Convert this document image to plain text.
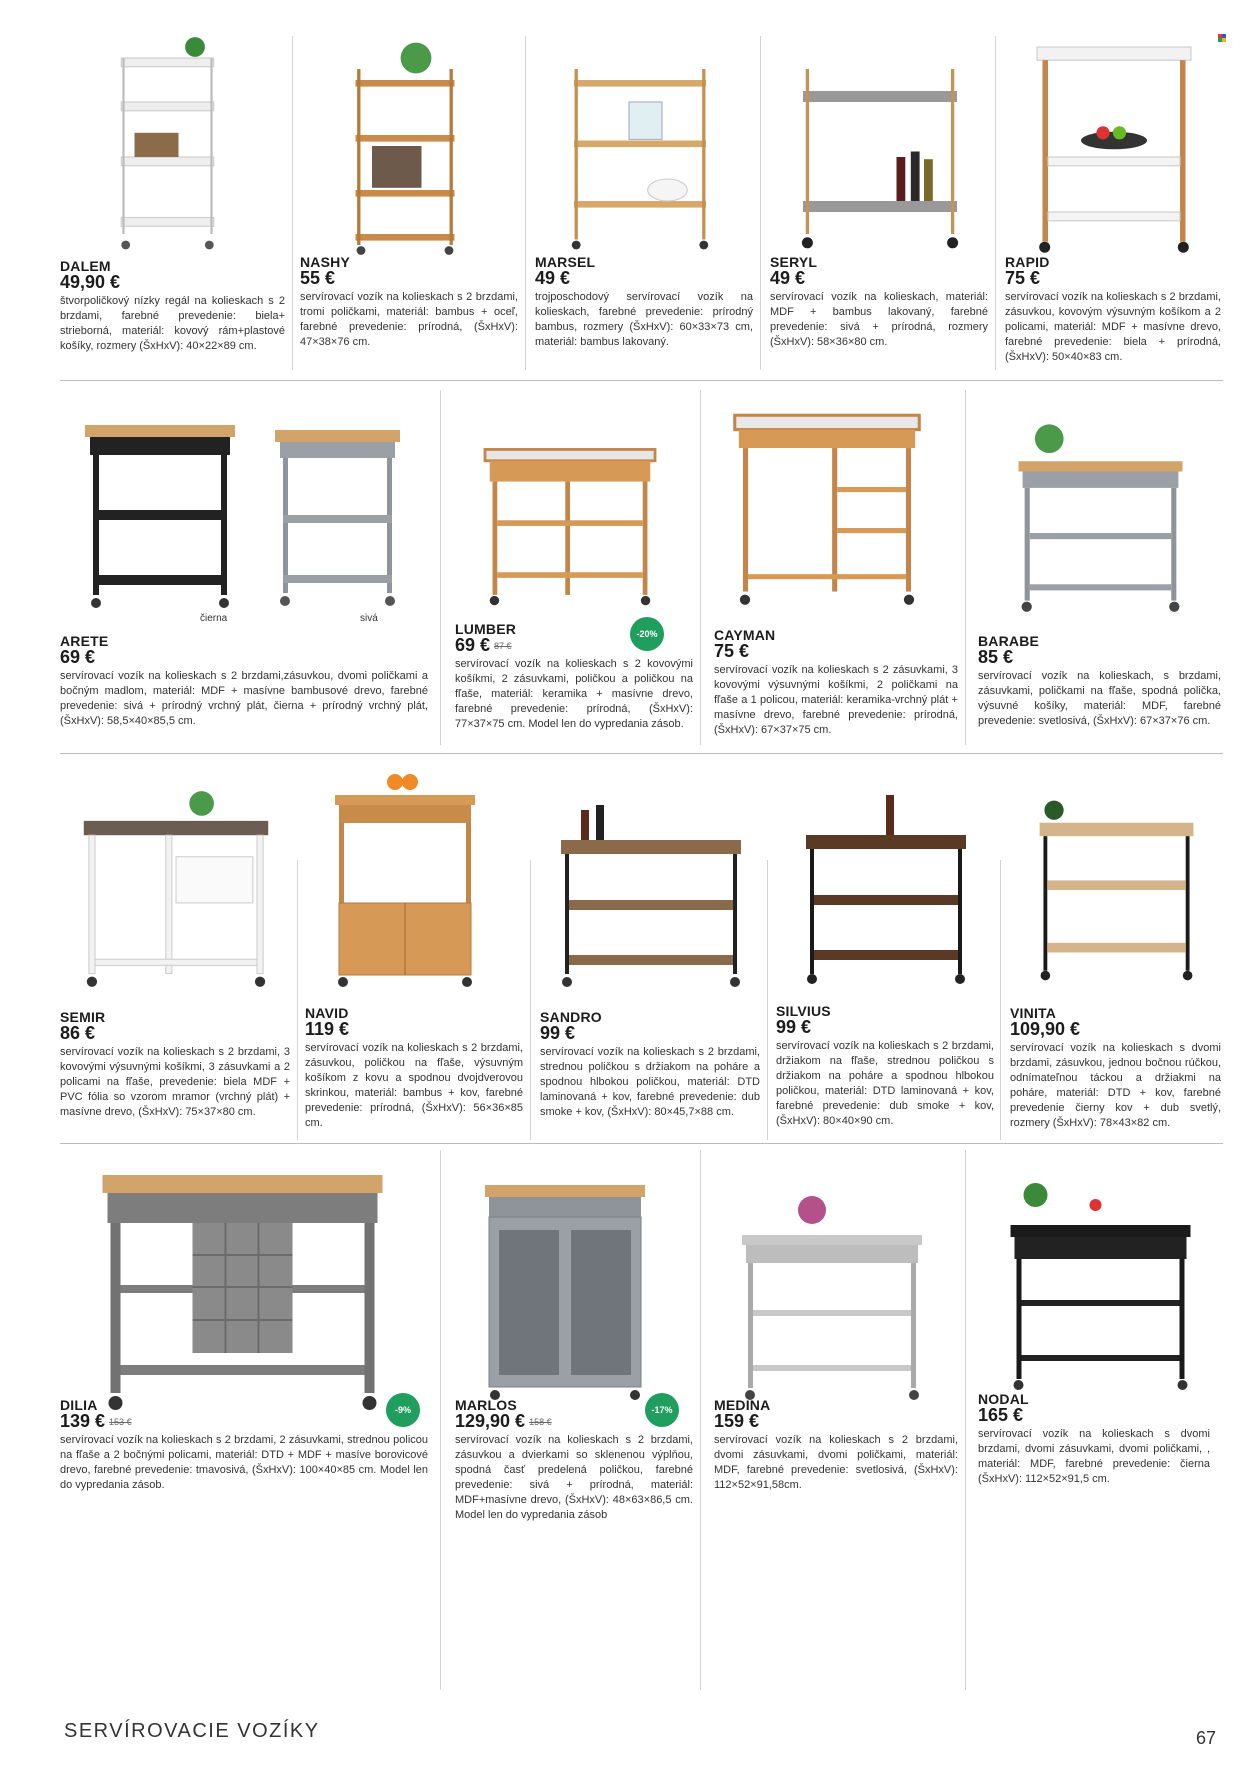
DALEM
49,90 €
štvorpoličkový nízky regál na kolieskach s 2 brzdami, farebné prevedenie: biela+ strieborná, materiál: kovový rám+plastové košíky, rozmery (ŠxHxV): 40×22×89 cm.
NASHY
55 €
servírovací vozík na kolieskach s 2 brzdami, tromi poličkami, materiál: bambus + oceľ, farebné prevedenie: prírodná, (ŠxHxV): 47×38×76 cm.
MARSEL
49 €
trojposchodový servírovací vozík na kolieskach, farebné prevedenie: prírodný bambus, rozmery (ŠxHxV): 60×33×73 cm, materiál: bambus lakovaný.
SERYL
49 €
servírovací vozík na kolieskach, materiál: MDF + bambus lakovaný, farebné prevedenie: sivá + prírodná, rozmery (ŠxHxV): 58×36×80 cm.
RAPID
75 €
servírovací vozík na kolieskach s 2 brzdami, zásuvkou, kovovým výsuvným košíkom a 2 policami, materiál: MDF + masívne drevo, farebné prevedenie: biela + prírodná, (ŠxHxV): 50×40×83 cm.
čierna	sivá
ARETE
69 €
servírovací vozík na kolieskach s 2 brzdami,zásuvkou, dvomi poličkami a bočným madlom, materiál: MDF + masívne bambusové drevo, farebné prevedenie: sivá + prírodný vrchný plát, čierna + prírodný vrchný plát, (ŠxHxV): 58,5×40×85,5 cm.
LUMBER
69 € 87 €
-20%
servírovací vozík na kolieskach s 2 kovovými košíkmi, 2 zásuvkami, poličkou a poličkou na fľaše, materiál: keramika + masívne drevo, farebné prevedenie: prírodná, (ŠxHxV): 77×37×75 cm. Model len do vypredania zásob.
CAYMAN
75 €
servírovací vozík na kolieskach s 2 zásuvkami, 3 kovovými výsuvnými košíkmi, 2 poličkami na fľaše a 1 policou, materiál: keramika-vrchný plát + masívne drevo, farebné prevedenie: prírodná, (ŠxHxV): 67×37×75 cm.
BARABE
85 €
servírovací vozík na kolieskach, s brzdami, zásuvkami, poličkami na fľaše, spodná polička, výsuvné košíky, materiál: MDF, farebné prevedenie: svetlosivá, (ŠxHxV): 67×37×76 cm.
SEMIR
86 €
servírovací vozík na kolieskach s 2 brzdami, 3 kovovými výsuvnými košíkmi, 3 zásuvkami a 2 policami na fľaše, prevedenie: biela MDF + PVC fólia so vzorom mramor (vrchný plát) + masívne drevo, (ŠxHxV): 75×37×80 cm.
NAVID
119 €
servírovací vozík na kolieskach s 2 brzdami, zásuvkou, poličkou na fľaše, výsuvným košíkom z kovu a spodnou dvojdverovou skrinkou, materiál: bambus + kov, farebné prevedenie: prírodná, (ŠxHxV): 56×36×85 cm.
SANDRO
99 €
servírovací vozík na kolieskach s 2 brzdami, strednou poličkou s držiakom na poháre a spodnou hlbokou poličkou, materiál: DTD laminovaná + kov, farebné prevedenie: dub smoke + kov, (ŠxHxV): 80×45,7×88 cm.
SILVIUS
99 €
servírovací vozík na kolieskach s 2 brzdami, držiakom na fľaše, strednou poličkou s držiakom na poháre a spodnou hlbokou poličkou, materiál: DTD laminovaná + kov, farebné prevedenie: dub smoke + kov, (ŠxHxV): 80×40×90 cm.
VINITA
109,90 €
servírovací vozík na kolieskach s dvomi brzdami, zásuvkou, jednou bočnou rúčkou, odnímateľnou táckou a držiakmi na poháre, materiál: DTD + kov, farebné prevedenie čierny kov + dub svetlý, rozmery (ŠxHxV): 78×43×82 cm.
DILIA
139 € 153 €
-9%
servírovací vozík na kolieskach s 2 brzdami, 2 zásuvkami, strednou policou na fľaše a 2 bočnými policami, materiál: DTD + MDF + masíve borovicové drevo, farebné prevedenie: tmavosivá, (ŠxHxV): 100×40×85 cm. Model len do vypredania zásob.
MARLOS
129,90 € 158 €
-17%
servírovací vozík na kolieskach s 2 brzdami, zásuvkou a dvierkami so sklenenou výplňou, spodná časť predelená poličkou, farebné prevedenie: sivá + prírodná, materiál: MDF+masívne drevo, (ŠxHxV): 48×63×86,5 cm. Model len do vypredania zásob
MEDINA
159 €
servírovací vozík na kolieskach s 2 brzdami, dvomi zásuvkami, dvomi poličkami, materiál: MDF, farebné prevedenie: svetlosivá, (ŠxHxV): 112×52×91,58cm.
NODAL
165 €
servírovací vozík na kolieskach s dvomi brzdami, dvomi zásuvkami, dvomi poličkami, , materiál: MDF, farebné prevedenie: čierna (ŠxHxV): 112×52×91,5 cm.
SERVÍROVACIE VOZÍKY	67
